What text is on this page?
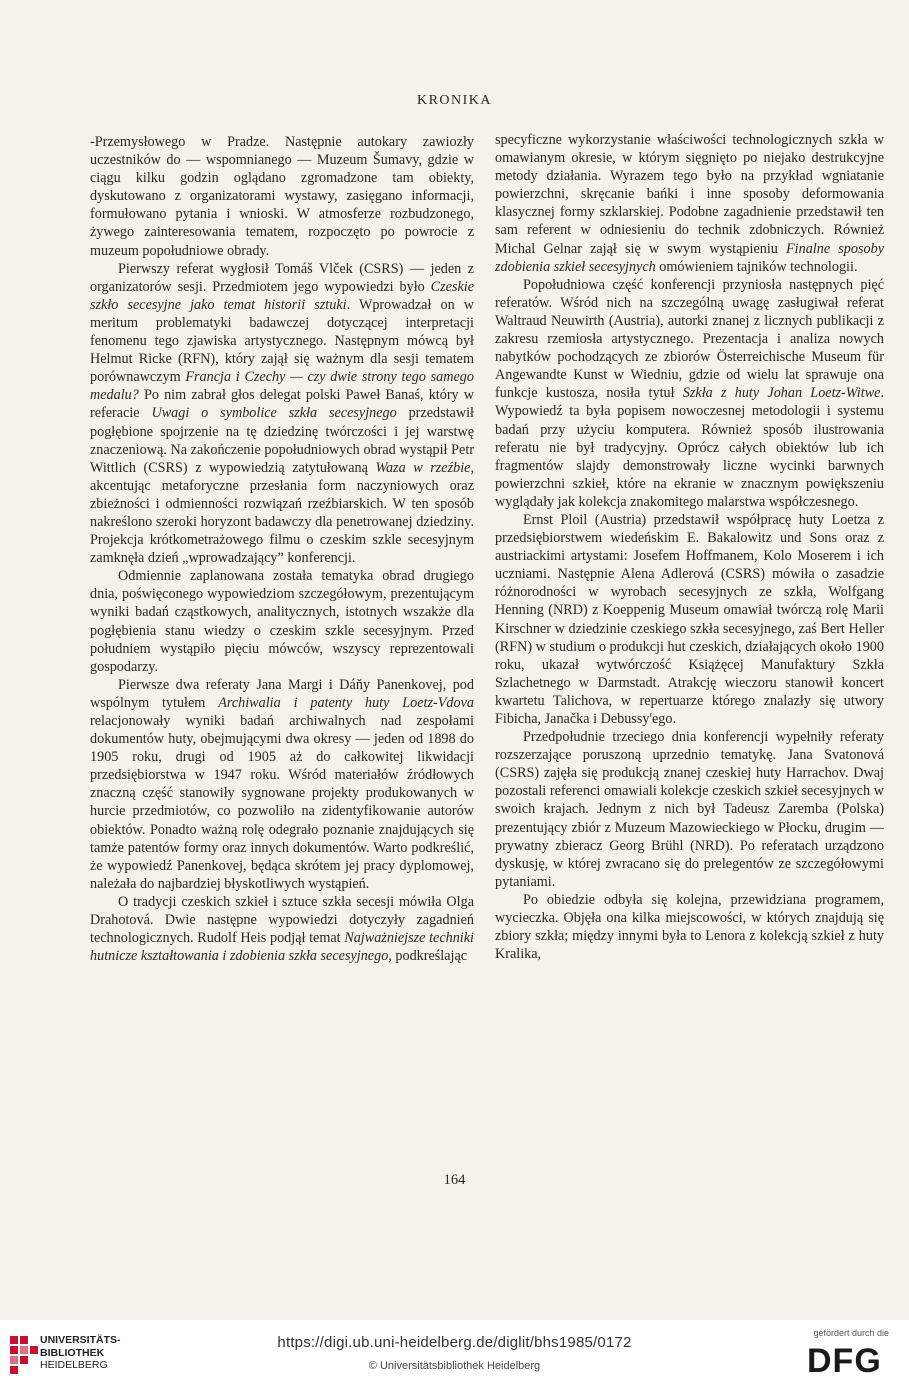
KRONIKA

-Przemysłowego w Pradze. Następnie autokary zawiozły uczestników do — wspomnianego — Muzeum Šumavy, gdzie w ciągu kilku godzin oglądano zgromadzone tam obiekty, dyskutowano z organizatorami wystawy, zasięgano informacji, formułowano pytania i wnioski. W atmosferze rozbudzonego, żywego zainteresowania tematem, rozpoczęto po powrocie z muzeum popołudniowe obrady.

Pierwszy referat wygłosił Tomáš Vlček (CSRS) — jeden z organizatorów sesji. Przedmiotem jego wypowiedzi było Czeskie szkło secesyjne jako temat historii sztuki. Wprowadzał on w meritum problematyki badawczej dotyczącej interpretacji fenomenu tego zjawiska artystycznego. Następnym mówcą był Helmut Ricke (RFN), który zajął się ważnym dla sesji tematem porównawczym Francja i Czechy — czy dwie strony tego samego medalu? Po nim zabrał głos delegat polski Paweł Banaś, który w referacie Uwagi o symbolice szkła secesyjnego przedstawił pogłębione spojrzenie na tę dziedzinę twórczości i jej warstwę znaczeniową. Na zakończenie popołudniowych obrad wystąpił Petr Wittlich (CSRS) z wypowiedzią zatytułowaną Waza w rzeźbie, akcentując metaforyczne przesłania form naczyniowych oraz zbieżności i odmienności rozwiązań rzeźbiarskich. W ten sposób nakreślono szeroki horyzont badawczy dla penetrowanej dziedziny. Projekcja krótkometrażowego filmu o czeskim szkle secesyjnym zamknęła dzień „wprowadzający” konferencji.

Odmiennie zaplanowana została tematyka obrad drugiego dnia, poświęconego wypowiedziom szczegółowym, prezentującym wyniki badań cząstkowych, analitycznych, istotnych wszakże dla pogłębienia stanu wiedzy o czeskim szkle secesyjnym. Przed południem wystąpiło pięciu mówców, wszyscy reprezentowali gospodarzy.

Pierwsze dwa referaty Jana Margi i Dáňy Panenkovej, pod wspólnym tytułem Archiwalia i patenty huty Loetz-Vdova relacjonowały wyniki badań archiwalnych nad zespołami dokumentów huty, obejmującymi dwa okresy — jeden od 1898 do 1905 roku, drugi od 1905 aż do całkowitej likwidacji przedsiębiorstwa w 1947 roku. Wśród materiałów źródłowych znaczną część stanowiły sygnowane projekty produkowanych w hurcie przedmiotów, co pozwoliło na zidentyfikowanie autorów obiektów. Ponadto ważną rolę odegrało poznanie znajdujących się tamże patentów formy oraz innych dokumentów. Warto podkreślić, że wypowiedź Panenkovej, będąca skrótem jej pracy dyplomowej, należała do najbardziej błyskotliwych wystąpień.

O tradycji czeskich szkieł i sztuce szkła secesji mówiła Olga Drahotová. Dwie następne wypowiedzi dotyczyły zagadnień technologicznych. Rudolf Heis podjął temat Najważniejsze techniki hutnicze kształtowania i zdobienia szkła secesyjnego, podkreślając

specyficzne wykorzystanie właściwości technologicznych szkła w omawianym okresie, w którym sięgnięto po niejako destrukcyjne metody działania. Wyrazem tego było na przykład wgniatanie powierzchni, skręcanie bańki i inne sposoby deformowania klasycznej formy szklarskiej. Podobne zagadnienie przedstawił ten sam referent w odniesieniu do technik zdobniczych. Również Michal Gelnar zajął się w swym wystąpieniu Finalne sposoby zdobienia szkieł secesyjnych omówieniem tajników technologii.

Popołudniowa część konferencji przyniosła następnych pięć referatów. Wśród nich na szczególną uwagę zasługiwał referat Waltraud Neuwirth (Austria), autorki znanej z licznych publikacji z zakresu rzemiosła artystycznego. Prezentacja i analiza nowych nabytków pochodzących ze zbiorów Österreichische Museum für Angewandte Kunst w Wiedniu, gdzie od wielu lat sprawuje ona funkcje kustosza, nosiła tytuł Szkła z huty Johan Loetz-Witwe. Wypowiedź ta była popisem nowoczesnej metodologii i systemu badań przy użyciu komputera. Również sposób ilustrowania referatu nie był tradycyjny. Oprócz całych obiektów lub ich fragmentów slajdy demonstrowały liczne wycinki barwnych powierzchni szkieł, które na ekranie w znacznym powiększeniu wyglądały jak kolekcja znakomitego malarstwa współczesnego.

Ernst Ploil (Austria) przedstawił współpracę huty Loetza z przedsiębiorstwem wiedeńskim E. Bakalowitz und Sons oraz z austriackimi artystami: Josefem Hoffmanem, Kolo Moserem i ich uczniami. Następnie Alena Adlerová (CSRS) mówiła o zasadzie różnorodności w wyrobach secesyjnych ze szkła, Wolfgang Henning (NRD) z Koeppenig Museum omawiał twórczą rolę Marii Kirschner w dziedzinie czeskiego szkła secesyjnego, zaś Bert Heller (RFN) w studium o produkcji hut czeskich, działających około 1900 roku, ukazał wytwórczość Książęcej Manufaktury Szkła Szlachetnego w Darmstadt. Atrakcję wieczoru stanowił koncert kwartetu Talichova, w repertuarze którego znalazły się utwory Fibicha, Janačka i Debussy'ego.

Przedpołudnie trzeciego dnia konferencji wypełniły referaty rozszerzające poruszoną uprzednio tematykę. Jana Svatonová (CSRS) zajęła się produkcją znanej czeskiej huty Harrachov. Dwaj pozostali referenci omawiali kolekcje czeskich szkieł secesyjnych w swoich krajach. Jednym z nich był Tadeusz Zaremba (Polska) prezentujący zbiór z Muzeum Mazowieckiego w Płocku, drugim — prywatny zbieracz Georg Brühl (NRD). Po referatach urządzono dyskusję, w której zwracano się do prelegentów ze szczegółowymi pytaniami.

Po obiedzie odbyła się kolejna, przewidziana programem, wycieczka. Objęła ona kilka miejscowości, w których znajdują się zbiory szkła; między innymi była to Lenora z kolekcją szkieł z huty Kralika,

164
UNIVERSITÄTS-
BIBLIOTHEK
HEIDELBERG
https://digi.ub.uni-heidelberg.de/diglit/bhs1985/0172
© Universitätsbibliothek Heidelberg
gefördert durch die
DFG
